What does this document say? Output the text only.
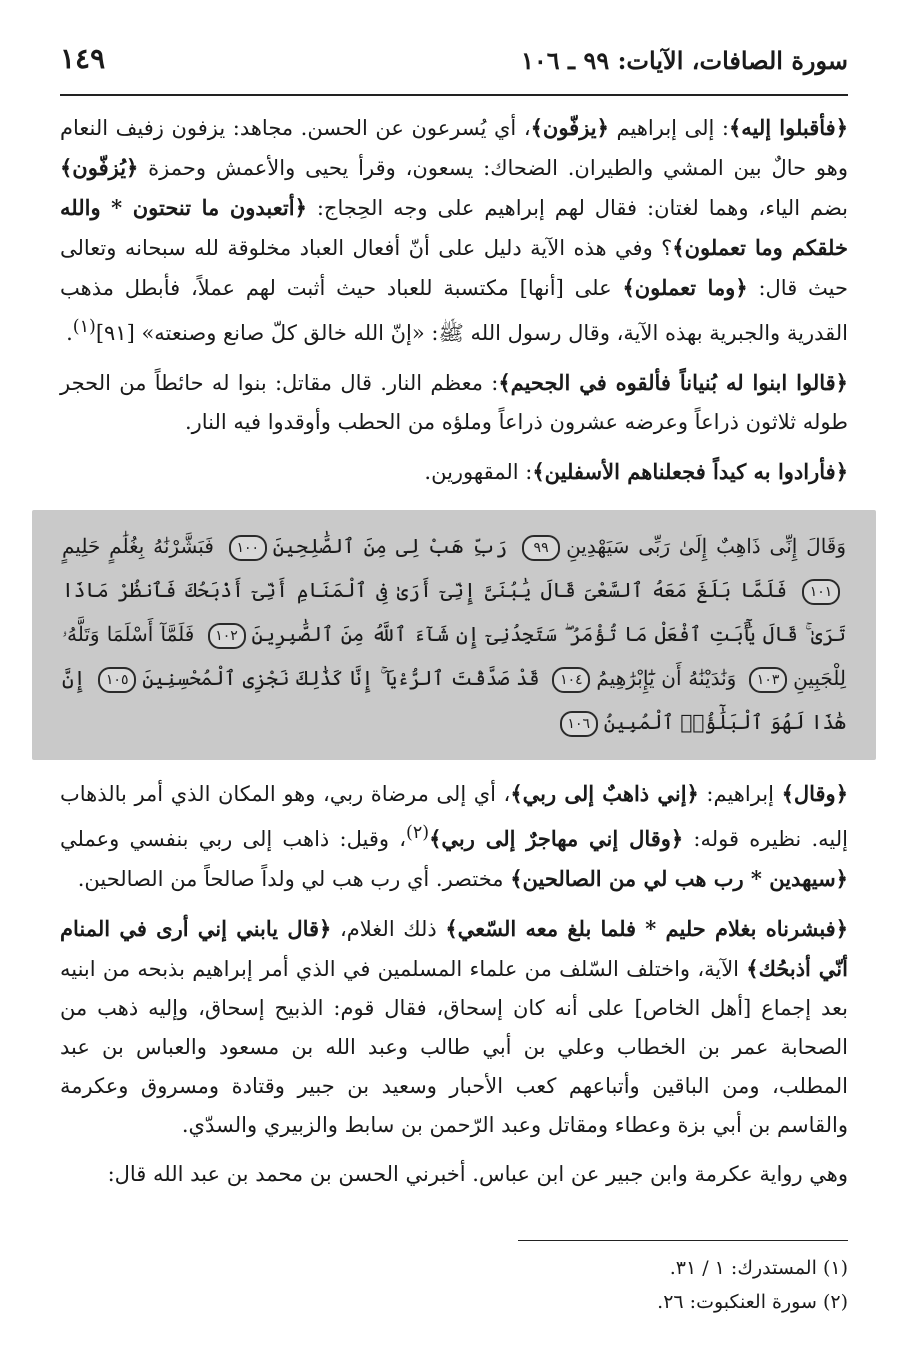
سورة الصافات، الآيات: ٩٩ ـ ١٠٦
١٤٩

﴿فأقبلوا إليه﴾: إلى إبراهيم ﴿يزفّون﴾، أي يُسرعون عن الحسن. مجاهد: يزفون زفيف النعام وهو حالٌ بين المشي والطيران. الضحاك: يسعون، وقرأ يحيى والأعمش وحمزة ﴿يُزفّون﴾ بضم الياء، وهما لغتان: فقال لهم إبراهيم على وجه الحِجاج: ﴿أتعبدون ما تنحتون * والله خلقكم وما تعملون﴾؟ وفي هذه الآية دليل على أنّ أفعال العباد مخلوقة لله سبحانه وتعالى حيث قال: ﴿وما تعملون﴾ على [أنها] مكتسبة للعباد حيث أثبت لهم عملاً، فأبطل مذهب القدرية والجبرية بهذه الآية، وقال رسول الله ﷺ: «إنّ الله خالق كلّ صانع وصنعته» [٩١]$^{(١)}$.

﴿قالوا ابنوا له بُنياناً فألقوه في الجحيم﴾: معظم النار. قال مقاتل: بنوا له حائطاً من الحجر طوله ثلاثون ذراعاً وعرضه عشرون ذراعاً وملؤه من الحطب وأوقدوا فيه النار.

﴿فأرادوا به كيداً فجعلناهم الأسفلين﴾: المقهورين.

وَقَالَ إِنِّى ذَاهِبٌ إِلَىٰ رَبِّى سَيَهْدِينِ٩٩ رَبِّ هَبْ لِى مِنَ ٱلصَّٰلِحِينَ١٠٠ فَبَشَّرْنَٰهُ بِغُلَٰمٍ حَلِيمٍ١٠١ فَلَمَّا بَلَغَ مَعَهُ ٱلسَّعْىَ قَالَ يَٰبُنَىَّ إِنِّىٓ أَرَىٰ فِى ٱلْمَنَامِ أَنِّىٓ أَذْبَحُكَ فَٱنظُرْ مَاذَا تَرَىٰ ۚ قَالَ يَٰٓأَبَتِ ٱفْعَلْ مَا تُؤْمَرُ ۖ سَتَجِدُنِىٓ إِن شَآءَ ٱللَّهُ مِنَ ٱلصَّٰبِرِينَ١٠٢ فَلَمَّآ أَسْلَمَا وَتَلَّهُۥ لِلْجَبِينِ١٠٣ وَنَٰدَيْنَٰهُ أَن يَٰٓإِبْرَٰهِيمُ١٠٤ قَدْ صَدَّقْتَ ٱلرُّءْيَآ ۚ إِنَّا كَذَٰلِكَ نَجْزِى ٱلْمُحْسِنِينَ١٠٥ إِنَّ هَٰذَا لَهُوَ ٱلْبَلَٰٓؤُا۟ ٱلْمُبِينُ١٠٦

﴿وقال﴾ إبراهيم: ﴿إني ذاهبٌ إلى ربي﴾، أي إلى مرضاة ربي، وهو المكان الذي أمر بالذهاب إليه. نظيره قوله: ﴿وقال إني مهاجرٌ إلى ربي﴾$^{(٢)}$، وقيل: ذاهب إلى ربي بنفسي وعملي ﴿سيهدين * رب هب لي من الصالحين﴾ مختصر. أي رب هب لي ولداً صالحاً من الصالحين.

﴿فبشرناه بغلام حليم * فلما بلغ معه السّعي﴾ ذلك الغلام، ﴿قال يابني إني أرى في المنام أنّي أذبحُك﴾ الآية، واختلف السّلف من علماء المسلمين في الذي أمر إبراهيم بذبحه من ابنيه بعد إجماع [أهل الخاص] على أنه كان إسحاق، فقال قوم: الذبيح إسحاق، وإليه ذهب من الصحابة عمر بن الخطاب وعلي بن أبي طالب وعبد الله بن مسعود والعباس بن عبد المطلب، ومن الباقين وأتباعهم كعب الأحبار وسعيد بن جبير وقتادة ومسروق وعكرمة والقاسم بن أبي بزة وعطاء ومقاتل وعبد الرّحمن بن سابط والزبيري والسدّي.

وهي رواية عكرمة وابن جبير عن ابن عباس. أخبرني الحسن بن محمد بن عبد الله قال:

(١) المستدرك: ١ / ٣١.
(٢) سورة العنكبوت: ٢٦.
